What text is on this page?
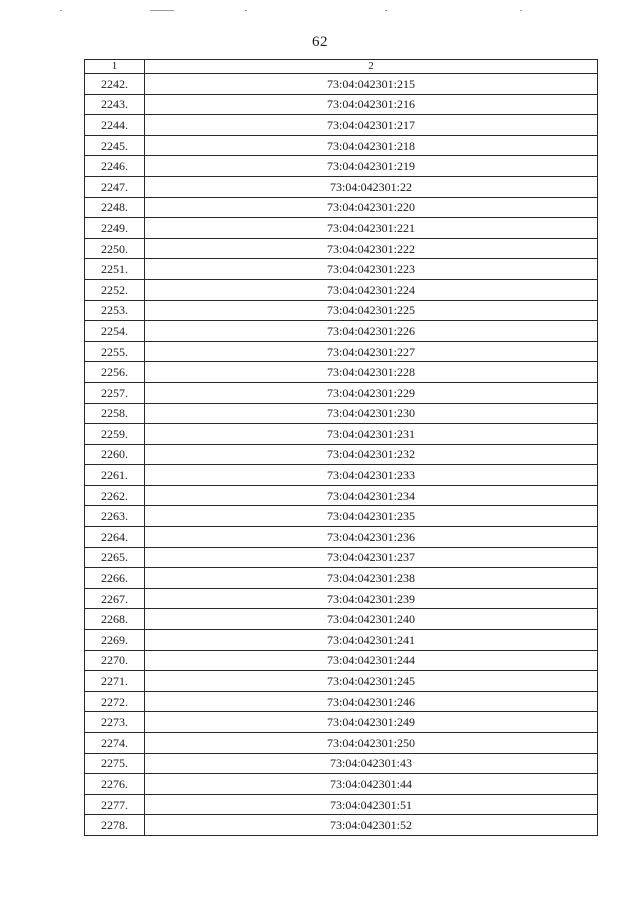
62
1	2
2242.	73:04:042301:215
2243.	73:04:042301:216
2244.	73:04:042301:217
2245.	73:04:042301:218
2246.	73:04:042301:219
2247.	73:04:042301:22
2248.	73:04:042301:220
2249.	73:04:042301:221
2250.	73:04:042301:222
2251.	73:04:042301:223
2252.	73:04:042301:224
2253.	73:04:042301:225
2254.	73:04:042301:226
2255.	73:04:042301:227
2256.	73:04:042301:228
2257.	73:04:042301:229
2258.	73:04:042301:230
2259.	73:04:042301:231
2260.	73:04:042301:232
2261.	73:04:042301:233
2262.	73:04:042301:234
2263.	73:04:042301:235
2264.	73:04:042301:236
2265.	73:04:042301:237
2266.	73:04:042301:238
2267.	73:04:042301:239
2268.	73:04:042301:240
2269.	73:04:042301:241
2270.	73:04:042301:244
2271.	73:04:042301:245
2272.	73:04:042301:246
2273.	73:04:042301:249
2274.	73:04:042301:250
2275.	73:04:042301:43
2276.	73:04:042301:44
2277.	73:04:042301:51
2278.	73:04:042301:52
